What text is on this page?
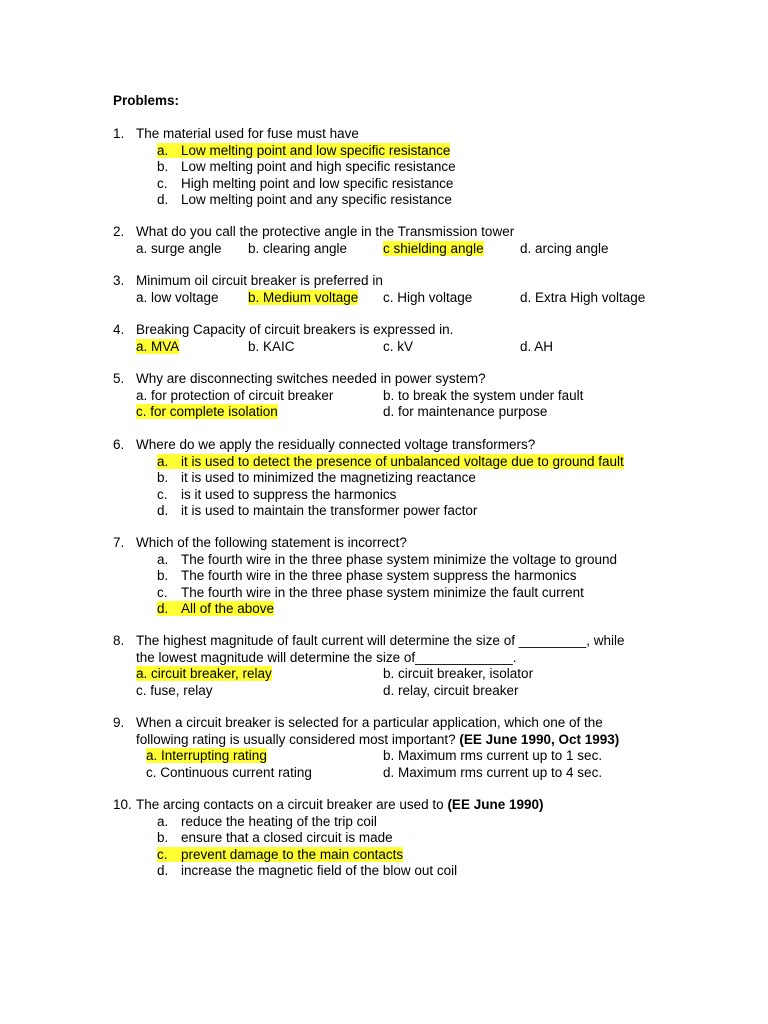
Problems:
1. The material used for fuse must have
a. Low melting point and low specific resistance
b. Low melting point and high specific resistance
c. High melting point and low specific resistance
d. Low melting point and any specific resistance
2. What do you call the protective angle in the Transmission tower
a. surge angle b. clearing angle	c shielding angle	d. arcing angle
3. Minimum oil circuit breaker is preferred in
a. low voltage b. Medium voltage c. High voltage	d. Extra High voltage
4. Breaking Capacity of circuit breakers is expressed in.
a. MVA	b. KAIC	c. kV	d. AH
5. Why are disconnecting switches needed in power system?
a. for protection of circuit breaker	b. to break the system under fault
c. for complete isolation	d. for maintenance purpose
6. Where do we apply the residually connected voltage transformers?
a. it is used to detect the presence of unbalanced voltage due to ground fault
b. it is used to minimized the magnetizing reactance
c. is it used to suppress the harmonics
d. it is used to maintain the transformer power factor
7. Which of the following statement is incorrect?
a. The fourth wire in the three phase system minimize the voltage to ground
b. The fourth wire in the three phase system suppress the harmonics
c. The fourth wire in the three phase system minimize the fault current
d. All of the above
8. The highest magnitude of fault current will determine the size of _________, while
the lowest magnitude will determine the size of_____________.
a. circuit breaker, relay	b. circuit breaker, isolator
c. fuse, relay	d. relay, circuit breaker
9. When a circuit breaker is selected for a particular application, which one of the
following rating is usually considered most important? (EE June 1990, Oct 1993)
a. Interrupting rating	b. Maximum rms current up to 1 sec.
c. Continuous current rating	d. Maximum rms current up to 4 sec.
10. The arcing contacts on a circuit breaker are used to (EE June 1990)
a. reduce the heating of the trip coil
b. ensure that a closed circuit is made
c. prevent damage to the main contacts
d. increase the magnetic field of the blow out coil
